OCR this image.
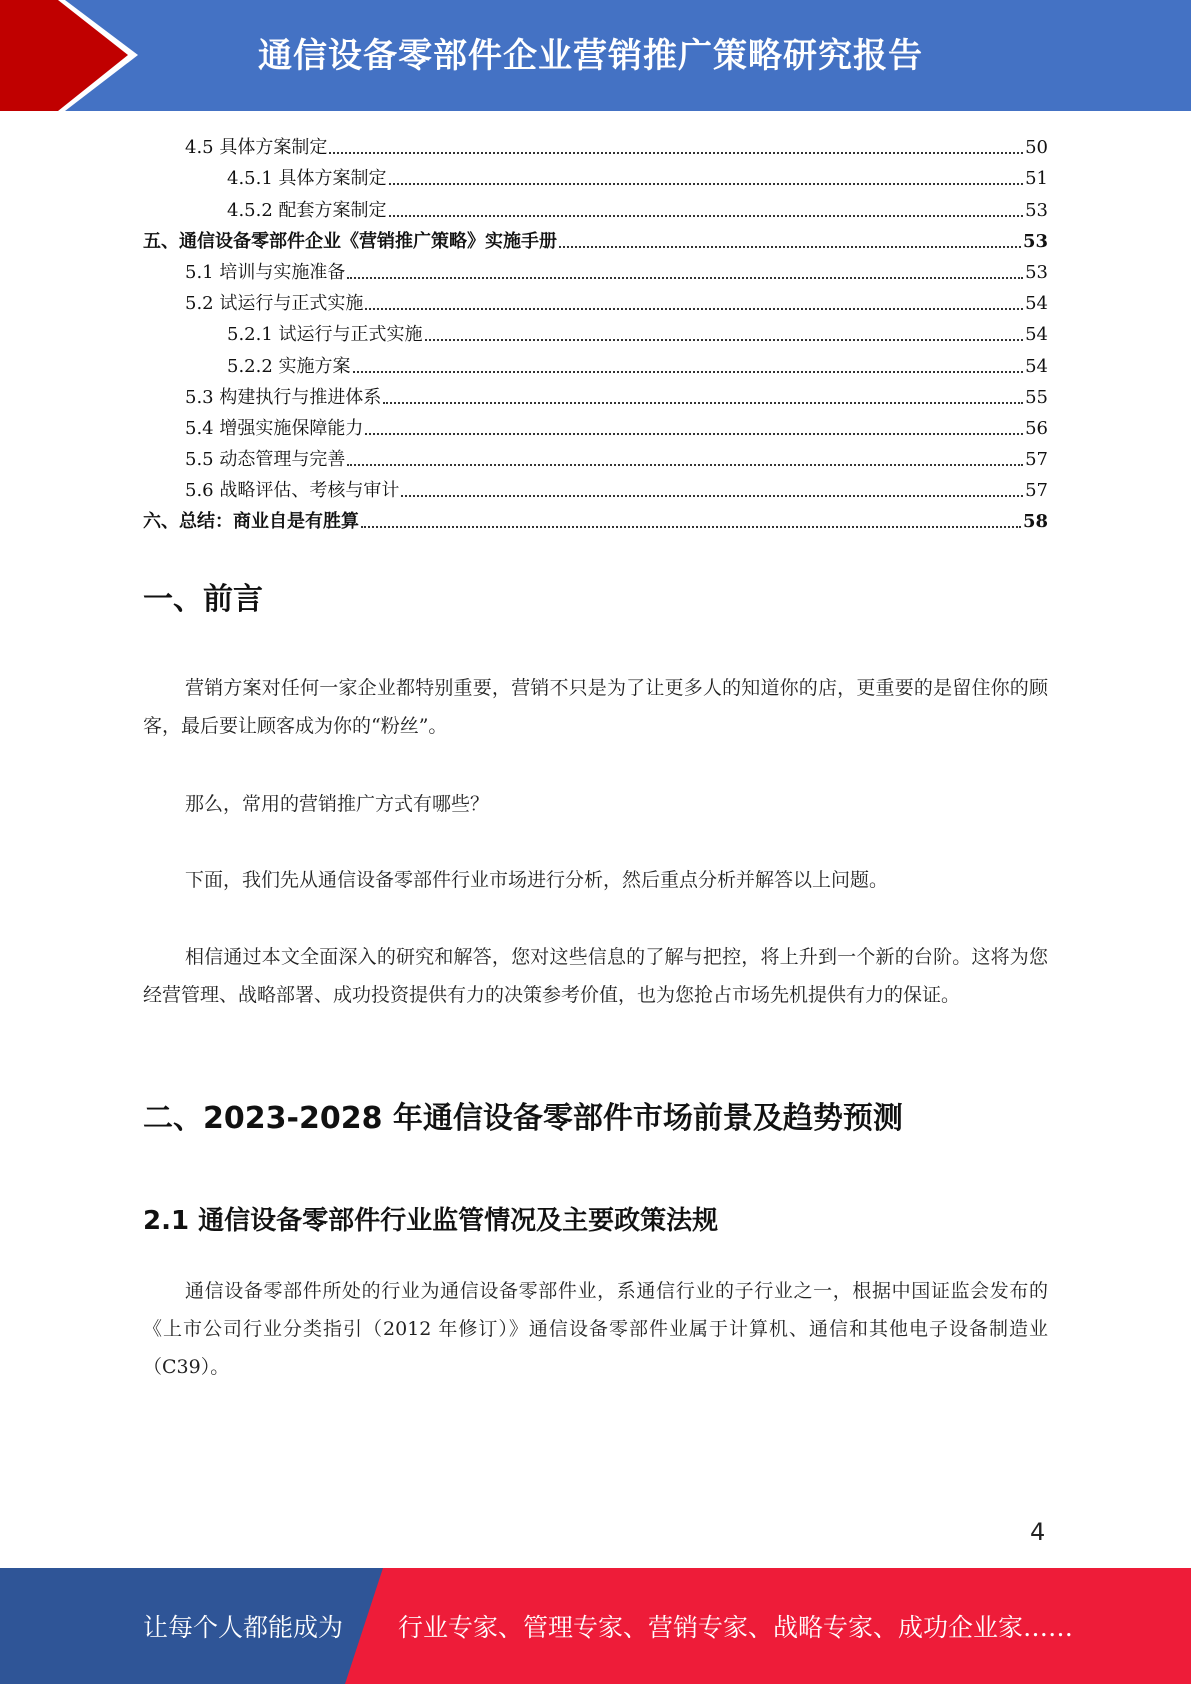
通信设备零部件企业营销推广策略研究报告
4.5 具体方案制定	50
4.5.1 具体方案制定	51
4.5.2 配套方案制定	53
五、通信设备零部件企业《营销推广策略》实施手册	53
5.1 培训与实施准备	53
5.2 试运行与正式实施	54
5.2.1 试运行与正式实施	54
5.2.2 实施方案	54
5.3 构建执行与推进体系	55
5.4 增强实施保障能力	56
5.5 动态管理与完善	57
5.6 战略评估、考核与审计	57
六、总结：商业自是有胜算	58
一、前言
营销方案对任何一家企业都特别重要，营销不只是为了让更多人的知道你的店，更重要的是留住你的顾客，最后要让顾客成为你的“粉丝”。
那么，常用的营销推广方式有哪些？
下面，我们先从通信设备零部件行业市场进行分析，然后重点分析并解答以上问题。
相信通过本文全面深入的研究和解答，您对这些信息的了解与把控，将上升到一个新的台阶。这将为您经营管理、战略部署、成功投资提供有力的决策参考价值，也为您抢占市场先机提供有力的保证。
二、2023-2028 年通信设备零部件市场前景及趋势预测
2.1 通信设备零部件行业监管情况及主要政策法规
通信设备零部件所处的行业为通信设备零部件业，系通信行业的子行业之一，根据中国证监会发布的《上市公司行业分类指引（2012 年修订）》通信设备零部件业属于计算机、通信和其他电子设备制造业（C39）。
4
让每个人都能成为 行业专家、管理专家、营销专家、战略专家、成功企业家……
